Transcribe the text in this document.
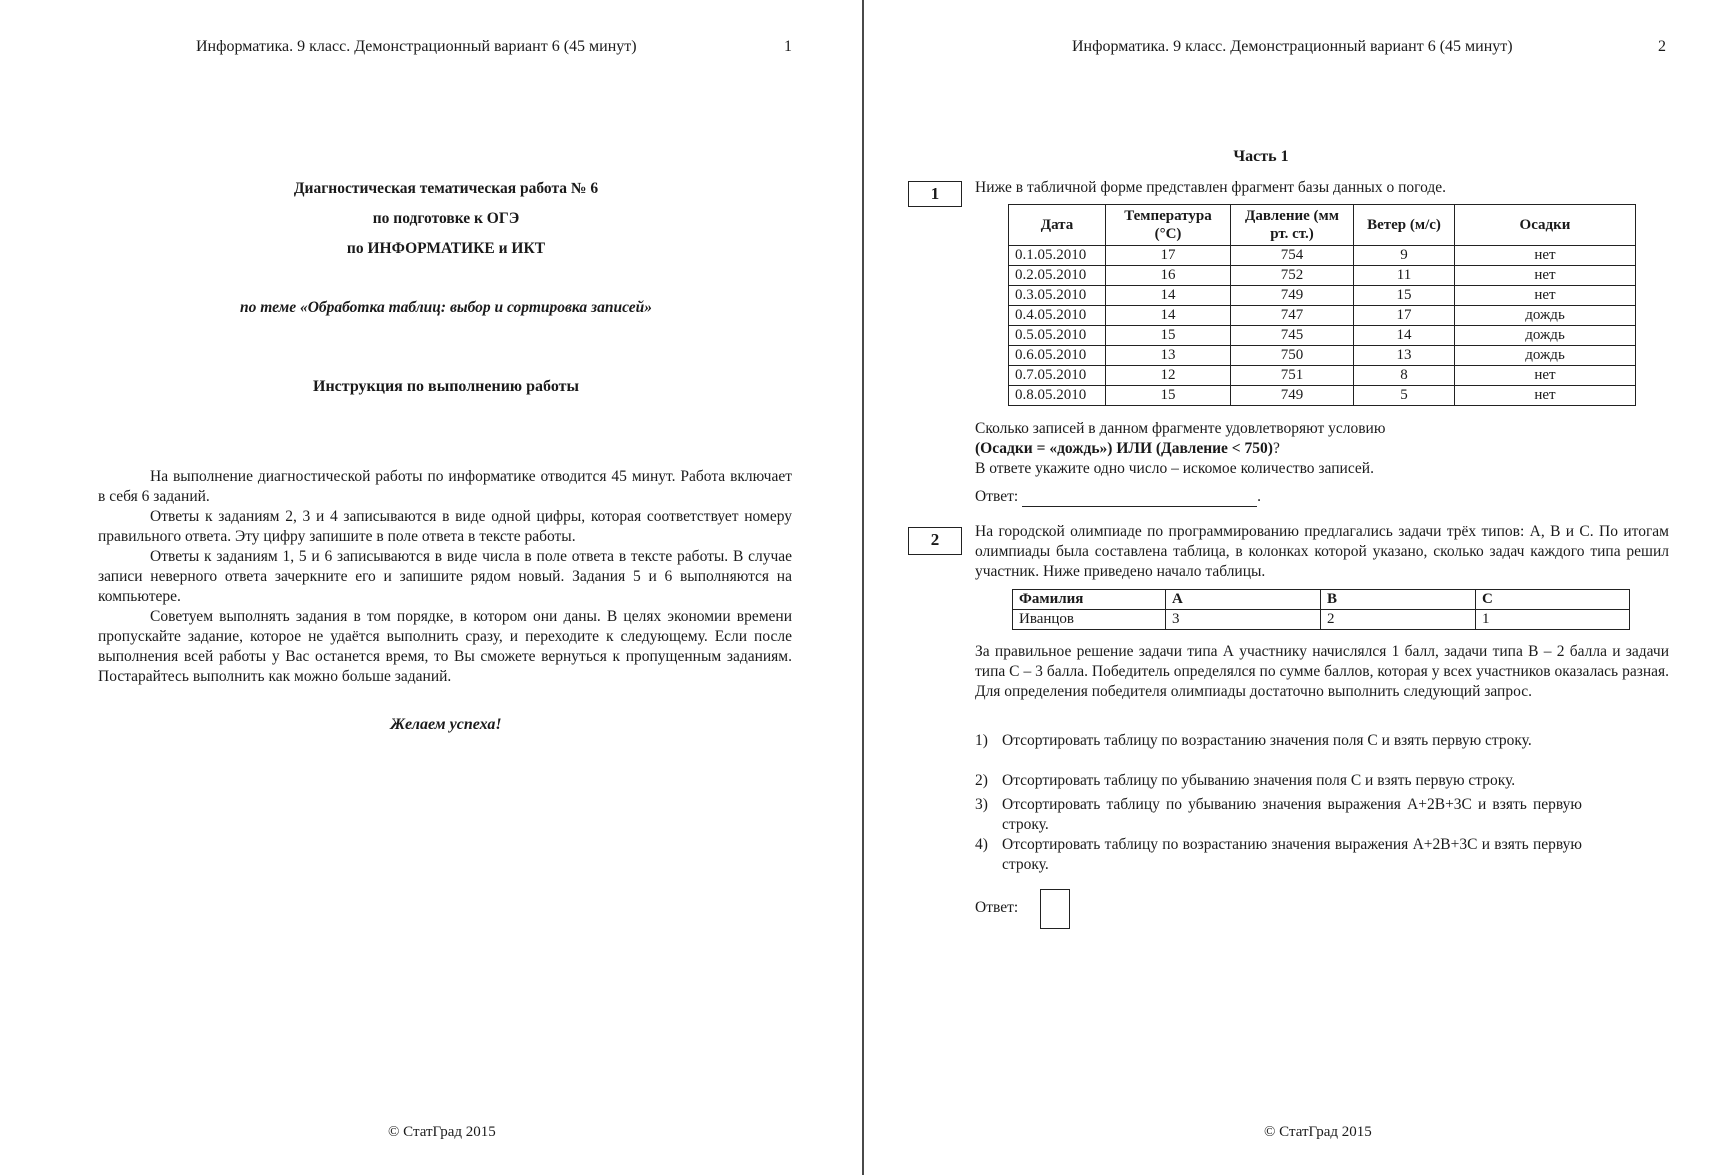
Информатика. 9 класс. Демонстрационный вариант 6 (45 минут)	1
Диагностическая тематическая работа № 6
по подготовке к ОГЭ
по ИНФОРМАТИКЕ и ИКТ
по теме «Обработка таблиц: выбор и сортировка записей»
Инструкция по выполнению работы

На выполнение диагностической работы по информатике отводится 45 минут. Работа включает в себя 6 заданий.

Ответы к заданиям 2, 3 и 4 записываются в виде одной цифры, которая соответствует номеру правильного ответа. Эту цифру запишите в поле ответа в тексте работы.

Ответы к заданиям 1, 5 и 6 записываются в виде числа в поле ответа в тексте работы. В случае записи неверного ответа зачеркните его и запишите рядом новый. Задания 5 и 6 выполняются на компьютере.

Советуем выполнять задания в том порядке, в котором они даны. В целях экономии времени пропускайте задание, которое не удаётся выполнить сразу, и переходите к следующему. Если после выполнения всей работы у Вас останется время, то Вы сможете вернуться к пропущенным заданиям. Постарайтесь выполнить как можно больше заданий.

Желаем успеха!
© СтатГрад 2015
Информатика. 9 класс. Демонстрационный вариант 6 (45 минут)	2
Часть 1
1	Ниже в табличной форме представлен фрагмент базы данных о погоде.
Дата	Температура (°С)	Давление (мм рт. ст.)	Ветер (м/с)	Осадки
0.1.05.2010	17	754	9	нет
0.2.05.2010	16	752	11	нет
0.3.05.2010	14	749	15	нет
0.4.05.2010	14	747	17	дождь
0.5.05.2010	15	745	14	дождь
0.6.05.2010	13	750	13	дождь
0.7.05.2010	12	751	8	нет
0.8.05.2010	15	749	5	нет
Сколько записей в данном фрагменте удовлетворяют условию
(Осадки = «дождь») ИЛИ (Давление < 750)?
В ответе укажите одно число – искомое количество записей.
Ответ:	.
2	На городской олимпиаде по программированию предлагались задачи трёх типов: А, В и С. По итогам олимпиады была составлена таблица, в колонках которой указано, сколько задач каждого типа решил участник. Ниже приведено начало таблицы.
Фамилия	А	В	С
Иванцов	3	2	1
За правильное решение задачи типа А участнику начислялся 1 балл, задачи типа В – 2 балла и задачи типа С – 3 балла. Победитель определялся по сумме баллов, которая у всех участников оказалась разная. Для определения победителя олимпиады достаточно выполнить следующий запрос.
1) Отсортировать таблицу по возрастанию значения поля С и взять первую строку.
2) Отсортировать таблицу по убыванию значения поля С и взять первую строку.
3) Отсортировать таблицу по убыванию значения выражения А+2В+3С и взять первую строку.
4) Отсортировать таблицу по возрастанию значения выражения А+2В+3С и взять первую строку.
Ответ:
© СтатГрад 2015
